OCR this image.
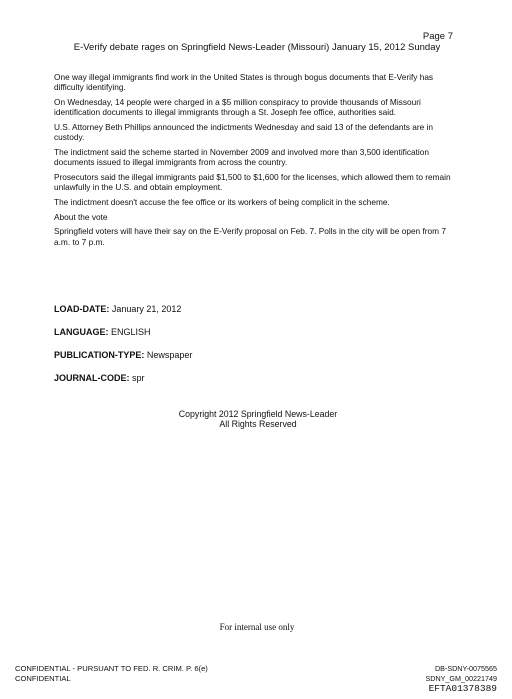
Page 7
E-Verify debate rages on Springfield News-Leader (Missouri) January 15, 2012 Sunday

One way illegal immigrants find work in the United States is through bogus documents that E-Verify has difficulty identifying.

On Wednesday, 14 people were charged in a $5 million conspiracy to provide thousands of Missouri identification documents to illegal immigrants through a St. Joseph fee office, authorities said.

U.S. Attorney Beth Phillips announced the indictments Wednesday and said 13 of the defendants are in custody.

The indictment said the scheme started in November 2009 and involved more than 3,500 identification documents issued to illegal immigrants from across the country.

Prosecutors said the illegal immigrants paid $1,500 to $1,600 for the licenses, which allowed them to remain unlawfully in the U.S. and obtain employment.

The indictment doesn't accuse the fee office or its workers of being complicit in the scheme.

About the vote

Springfield voters will have their say on the E-Verify proposal on Feb. 7. Polls in the city will be open from 7 a.m. to 7 p.m.

LOAD-DATE: January 21, 2012
LANGUAGE: ENGLISH
PUBLICATION-TYPE: Newspaper
JOURNAL-CODE: spr
Copyright 2012 Springfield News-Leader
All Rights Reserved
For internal use only
CONFIDENTIAL - PURSUANT TO FED. R. CRIM. P. 6(e)
CONFIDENTIAL
DB-SDNY-0075565
SDNY_GM_00221749
EFTA01378389
